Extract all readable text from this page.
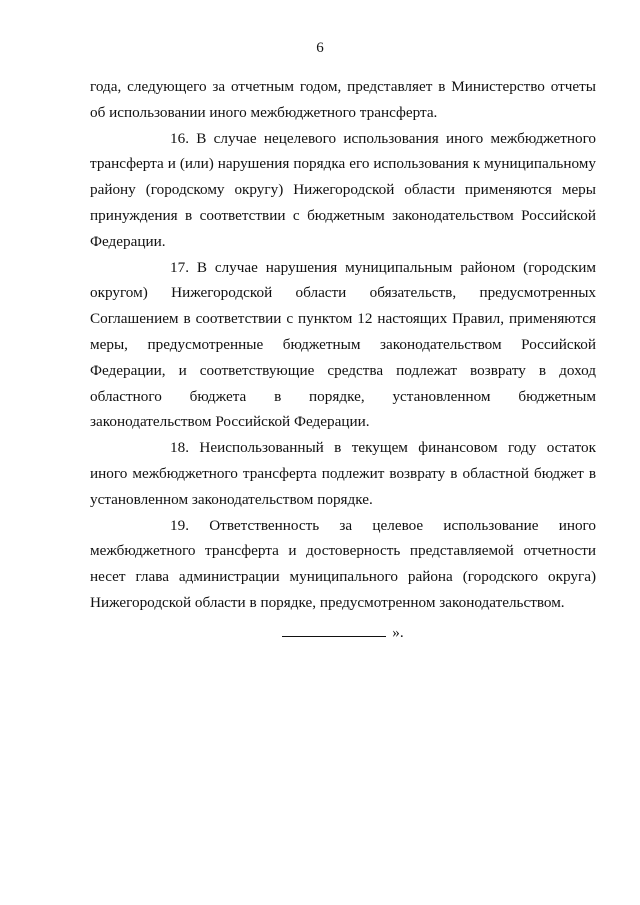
6

года, следующего за отчетным годом, представляет в Министерство отчеты об использовании иного межбюджетного трансферта.

16. В случае нецелевого использования иного межбюджетного трансферта и (или) нарушения порядка его использования к муниципальному району (городскому округу) Нижегородской области применяются меры принуждения в соответствии с бюджетным законодательством Российской Федерации.

17. В случае нарушения муниципальным районом (городским округом) Нижегородской области обязательств, предусмотренных Соглашением в соответствии с пунктом 12 настоящих Правил, применяются меры, предусмотренные бюджетным законодательством Российской Федерации, и соответствующие средства подлежат возврату в доход областного бюджета в порядке, установленном бюджетным законодательством Российской Федерации.

18. Неиспользованный в текущем финансовом году остаток иного межбюджетного трансферта подлежит возврату в областной бюджет в установленном законодательством порядке.

19. Ответственность за целевое использование иного межбюджетного трансферта и достоверность представляемой отчетности несет глава администрации муниципального района (городского округа) Нижегородской области в порядке, предусмотренном законодательством.

».
